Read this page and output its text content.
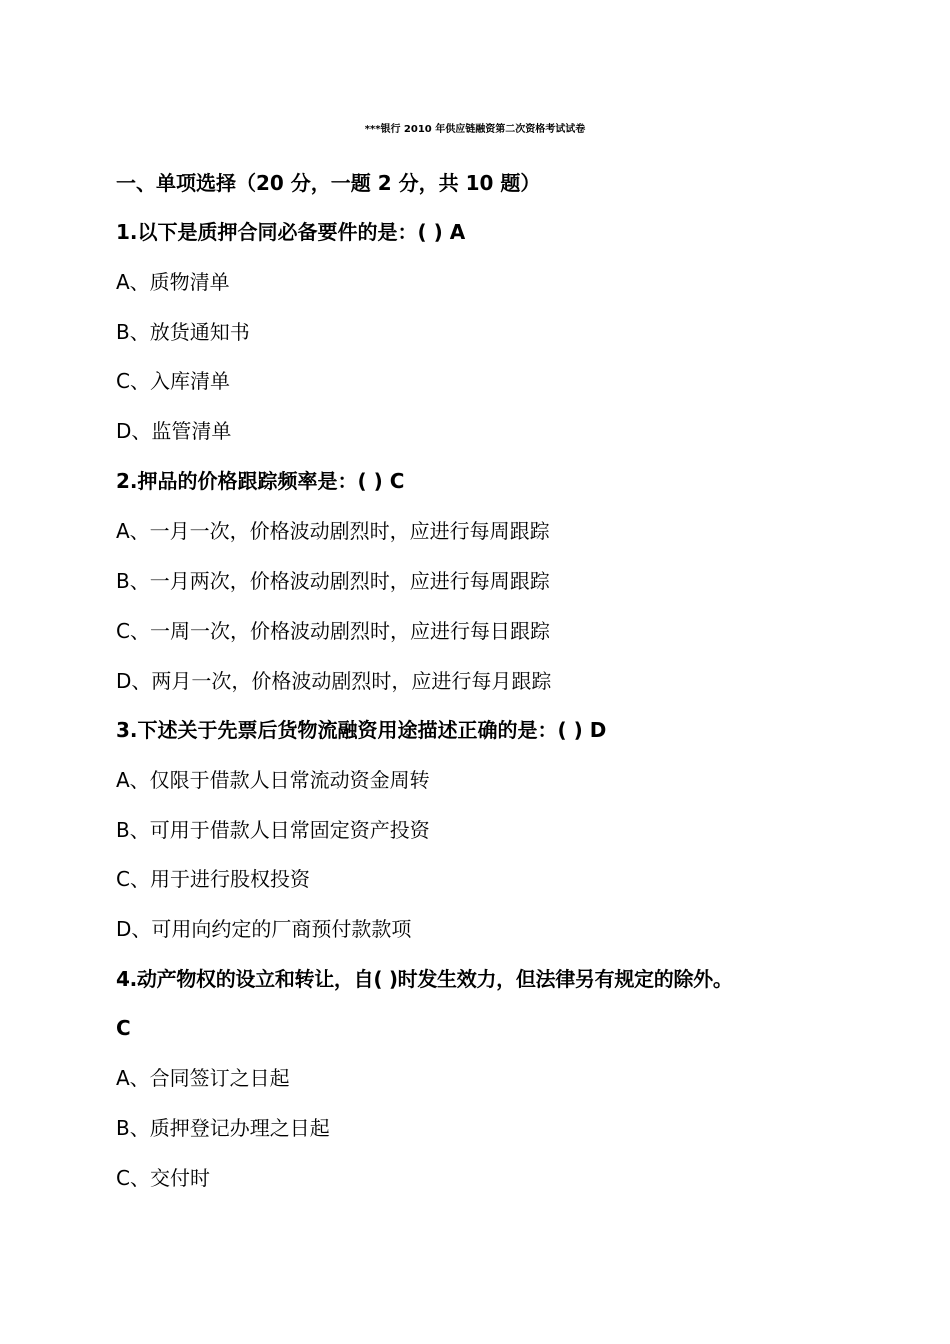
***银行 2010 年供应链融资第二次资格考试试卷
一、单项选择（20 分，一题 2 分，共 10 题）
1.以下是质押合同必备要件的是：( ) A
A、质物清单
B、放货通知书
C、入库清单
D、监管清单
2.押品的价格跟踪频率是：( ) C
A、一月一次，价格波动剧烈时，应进行每周跟踪
B、一月两次，价格波动剧烈时，应进行每周跟踪
C、一周一次，价格波动剧烈时，应进行每日跟踪
D、两月一次，价格波动剧烈时，应进行每月跟踪
3.下述关于先票后货物流融资用途描述正确的是：( ) D
A、仅限于借款人日常流动资金周转
B、可用于借款人日常固定资产投资
C、用于进行股权投资
D、可用向约定的厂商预付款款项
4.动产物权的设立和转让，自( )时发生效力，但法律另有规定的除外。
C
A、合同签订之日起
B、质押登记办理之日起
C、交付时
